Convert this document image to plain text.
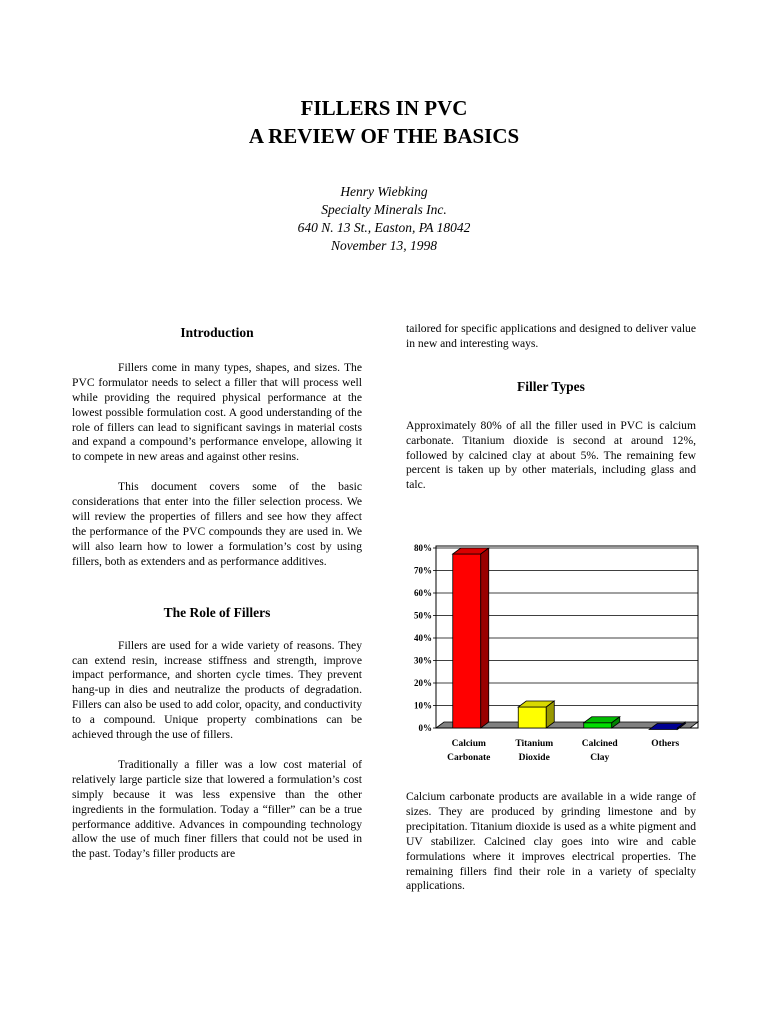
FILLERS IN PVC

A REVIEW OF THE BASICS

Henry Wiebking
Specialty Minerals Inc.
640 N. 13 St., Easton, PA 18042
November 13, 1998

Introduction

Fillers come in many types, shapes, and sizes. The PVC formulator needs to select a filler that will process well while providing the required physical performance at the lowest possible formulation cost. A good understanding of the role of fillers can lead to significant savings in material costs and expand a compound’s performance envelope, allowing it to compete in new areas and against other resins.

This document covers some of the basic considerations that enter into the filler selection process. We will review the properties of fillers and see how they affect the performance of the PVC compounds they are used in. We will also learn how to lower a formulation’s cost by using fillers, both as extenders and as performance additives.

The Role of Fillers

Fillers are used for a wide variety of reasons. They can extend resin, increase stiffness and strength, improve impact performance, and shorten cycle times. They prevent hang-up in dies and neutralize the products of degradation. Fillers can also be used to add color, opacity, and conductivity to a compound. Unique property combinations can be achieved through the use of fillers.

Traditionally a filler was a low cost material of relatively large particle size that lowered a formulation’s cost simply because it was less expensive than the other ingredients in the formulation. Today a “filler” can be a true performance additive. Advances in compounding technology allow the use of much finer fillers that could not be used in the past. Today’s filler products are

tailored for specific applications and designed to deliver value in new and interesting ways.

Filler Types

Approximately 80% of all the filler used in PVC is calcium carbonate. Titanium dioxide is second at around 12%, followed by calcined clay at about 5%. The remaining few percent is taken up by other materials, including glass and talc.

0%
10%
20%
30%
40%
50%
60%
70%
80%
Calcium
Carbonate
Titanium
Dioxide
Calcined
Clay
Others

Calcium carbonate products are available in a wide range of sizes. They are produced by grinding limestone and by precipitation. Titanium dioxide is used as a white pigment and UV stabilizer. Calcined clay goes into wire and cable formulations where it improves electrical properties. The remaining fillers find their role in a variety of specialty applications.
